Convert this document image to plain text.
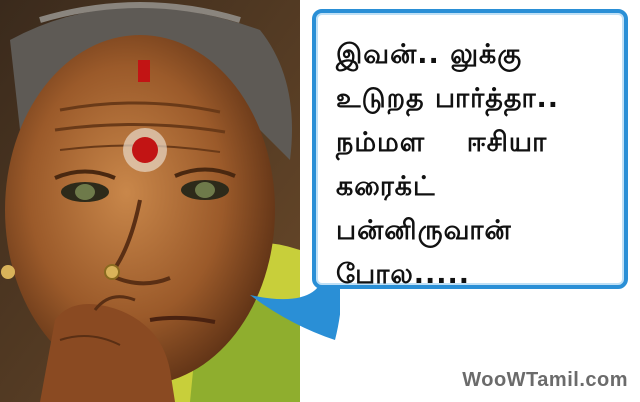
இவன்.. லுக்கு
உடுறத பார்த்தா..
நம்மள    ஈசியா
கரைக்ட்
பன்னிருவான்
போல.....
WooWTamil.com
